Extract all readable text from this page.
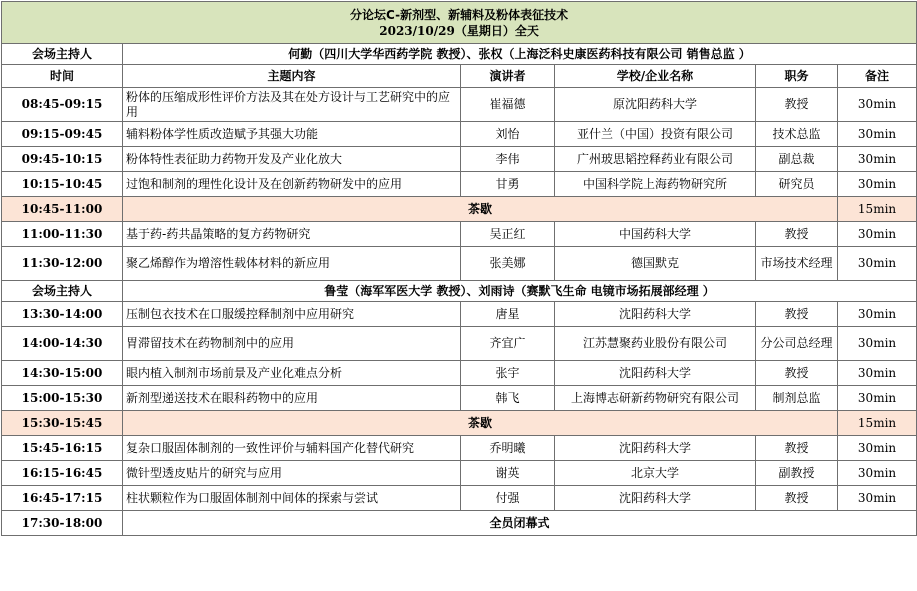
分论坛C-新剂型、新辅料及粉体表征技术
2023/10/29（星期日）全天					

会场主持人	何勤（四川大学华西药学院 教授）、张权（上海泛科史康医药科技有限公司 销售总监 ）				
时间	主题内容	演讲者	学校/企业名称	职务	备注
08:45-09:15	粉体的压缩成形性评价方法及其在处方设计与工艺研究中的应用	崔福德	原沈阳药科大学	教授	30min
09:15-09:45	辅料粉体学性质改造赋予其强大功能	刘怡	亚什兰（中国）投资有限公司	技术总监	30min
09:45-10:15	粉体特性表征助力药物开发及产业化放大	李伟	广州玻思韬控释药业有限公司	副总裁	30min
10:15-10:45	过饱和制剂的理性化设计及在创新药物研发中的应用	甘勇	中国科学院上海药物研究所	研究员	30min
10:45-11:00	茶歇				15min
11:00-11:30	基于药-药共晶策略的复方药物研究	吴正红	中国药科大学	教授	30min
11:30-12:00	聚乙烯醇作为增溶性载体材料的新应用	张美娜	德国默克	市场技术经理	30min
会场主持人	鲁莹（海军军医大学 教授）、刘雨诗（赛默飞生命 电镜市场拓展部经理 ）				
13:30-14:00	压制包衣技术在口服缓控释制剂中应用研究	唐星	沈阳药科大学	教授	30min
14:00-14:30	胃滞留技术在药物制剂中的应用	齐宜广	江苏慧聚药业股份有限公司	分公司总经理	30min
14:30-15:00	眼内植入制剂市场前景及产业化难点分析	张宇	沈阳药科大学	教授	30min
15:00-15:30	新剂型递送技术在眼科药物中的应用	韩飞	上海博志研新药物研究有限公司	制剂总监	30min
15:30-15:45	茶歇				15min
15:45-16:15	复杂口服固体制剂的一致性评价与辅料国产化替代研究	乔明曦	沈阳药科大学	教授	30min
16:15-16:45	微针型透皮贴片的研究与应用	谢英	北京大学	副教授	30min
16:45-17:15	柱状颗粒作为口服固体制剂中间体的探索与尝试	付强	沈阳药科大学	教授	30min
17:30-18:00	全员闭幕式				
